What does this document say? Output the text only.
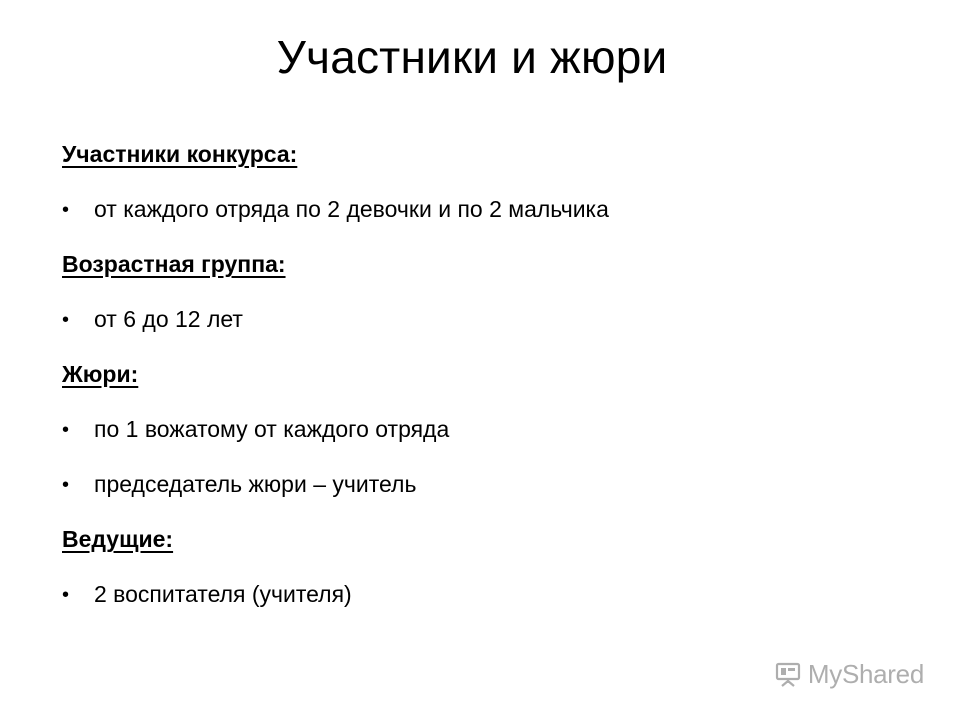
Участники и жюри
Участники конкурса:
•	от каждого отряда по 2 девочки и по 2 мальчика
Возрастная группа:
•	от 6 до 12 лет
Жюри:
•	по 1 вожатому от каждого отряда
•	председатель жюри – учитель
Ведущие:
•	2 воспитателя (учителя)
MyShared
